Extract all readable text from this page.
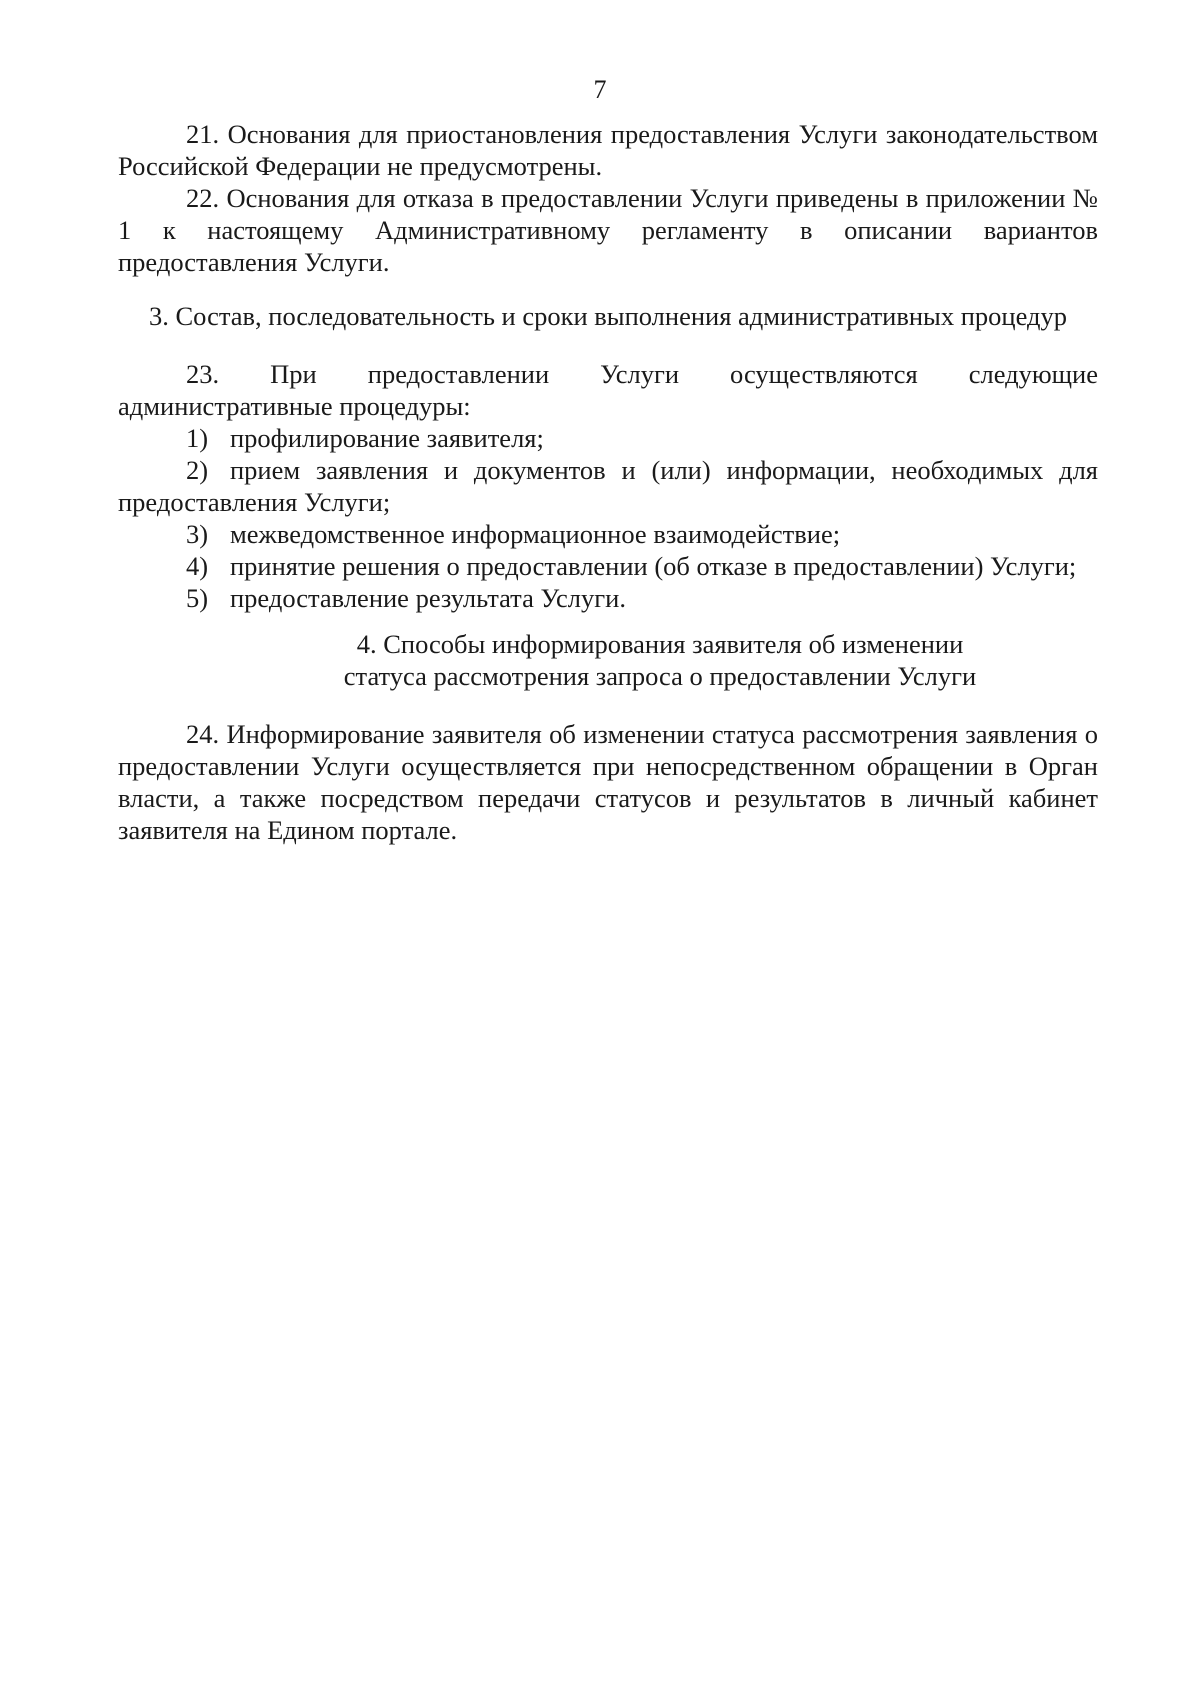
7

21. Основания для приостановления предоставления Услуги законодательством Российской Федерации не предусмотрены.

22. Основания для отказа в предоставлении Услуги приведены в приложении № 1 к настоящему Административному регламенту в описании вариантов предоставления Услуги.

3. Состав, последовательность и сроки выполнения административных процедур

23. При предоставлении Услуги осуществляются следующие

административные процедуры:

1) профилирование заявителя;

2) прием заявления и документов и (или) информации, необходимых для предоставления Услуги;

3) межведомственное информационное взаимодействие;

4) принятие решения о предоставлении (об отказе в предоставлении) Услуги;

5) предоставление результата Услуги.

4. Способы информирования заявителя об изменении

статуса рассмотрения запроса о предоставлении Услуги

24. Информирование заявителя об изменении статуса рассмотрения заявления о предоставлении Услуги осуществляется при непосредственном обращении в Орган власти, а также посредством передачи статусов и результатов в личный кабинет заявителя на Едином портале.
